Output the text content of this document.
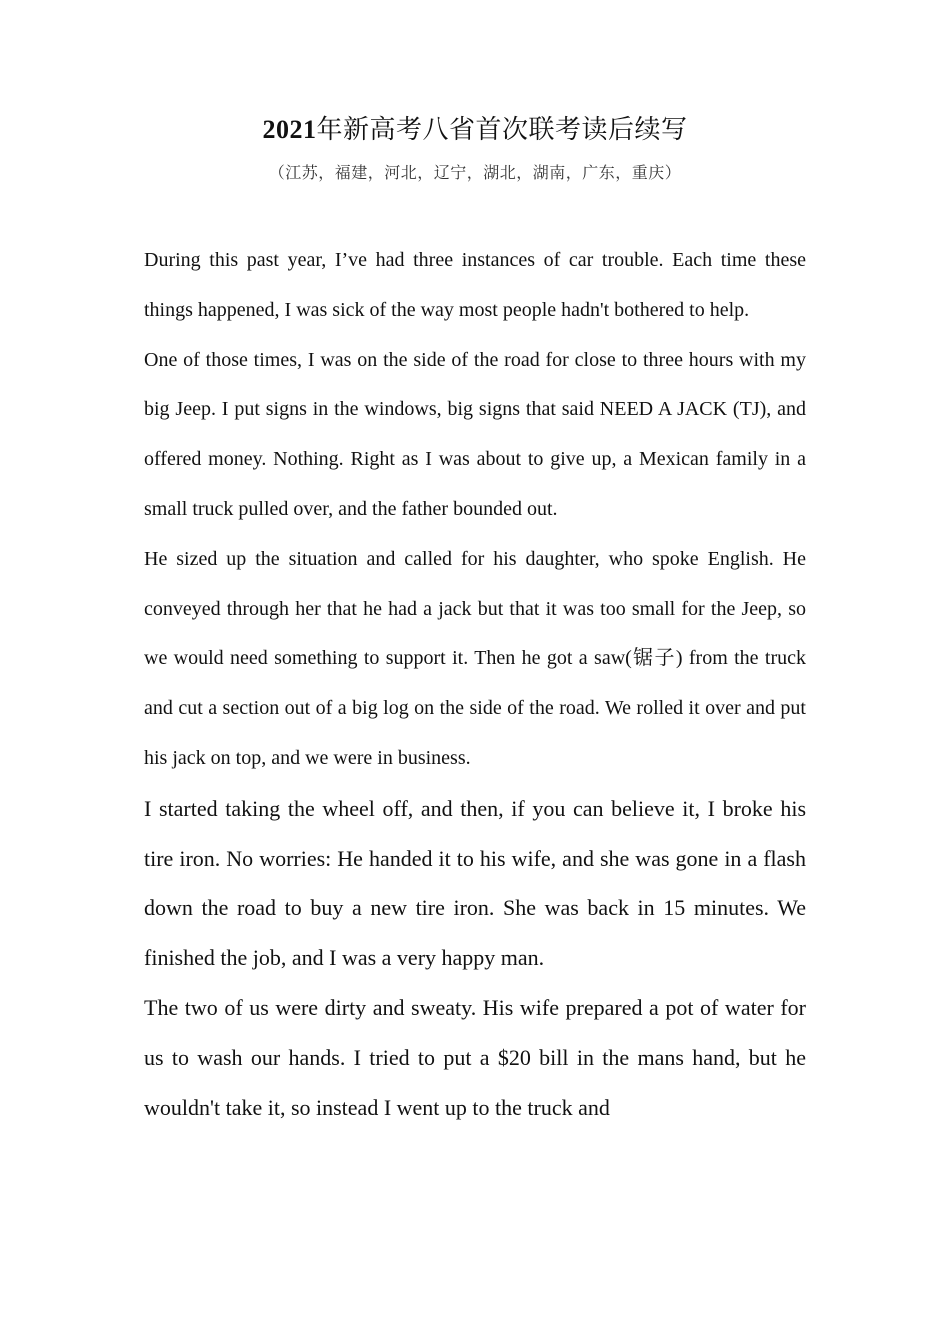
2021年新高考八省首次联考读后续写
（江苏，福建，河北，辽宁，湖北，湖南，广东，重庆）

During this past year, I’ve had three instances of car trouble. Each time these things happened, I was sick of the way most people hadn't bothered to help.

One of those times, I was on the side of the road for close to three hours with my big Jeep. I put signs in the windows, big signs that said NEED A JACK (TJ), and offered money. Nothing. Right as I was about to give up, a Mexican family in a small truck pulled over, and the father bounded out.

He sized up the situation and called for his daughter, who spoke English. He conveyed through her that he had a jack but that it was too small for the Jeep, so we would need something to support it. Then he got a saw(锯子) from the truck and cut a section out of a big log on the side of the road. We rolled it over and put his jack on top, and we were in business.

I started taking the wheel off, and then, if you can believe it, I broke his tire iron. No worries: He handed it to his wife, and she was gone in a flash down the road to buy a new tire iron. She was back in 15 minutes. We finished the job, and I was a very happy man.

The two of us were dirty and sweaty. His wife prepared a pot of water for us to wash our hands. I tried to put a $20 bill in the mans hand, but he wouldn't take it, so instead I went up to the truck and
